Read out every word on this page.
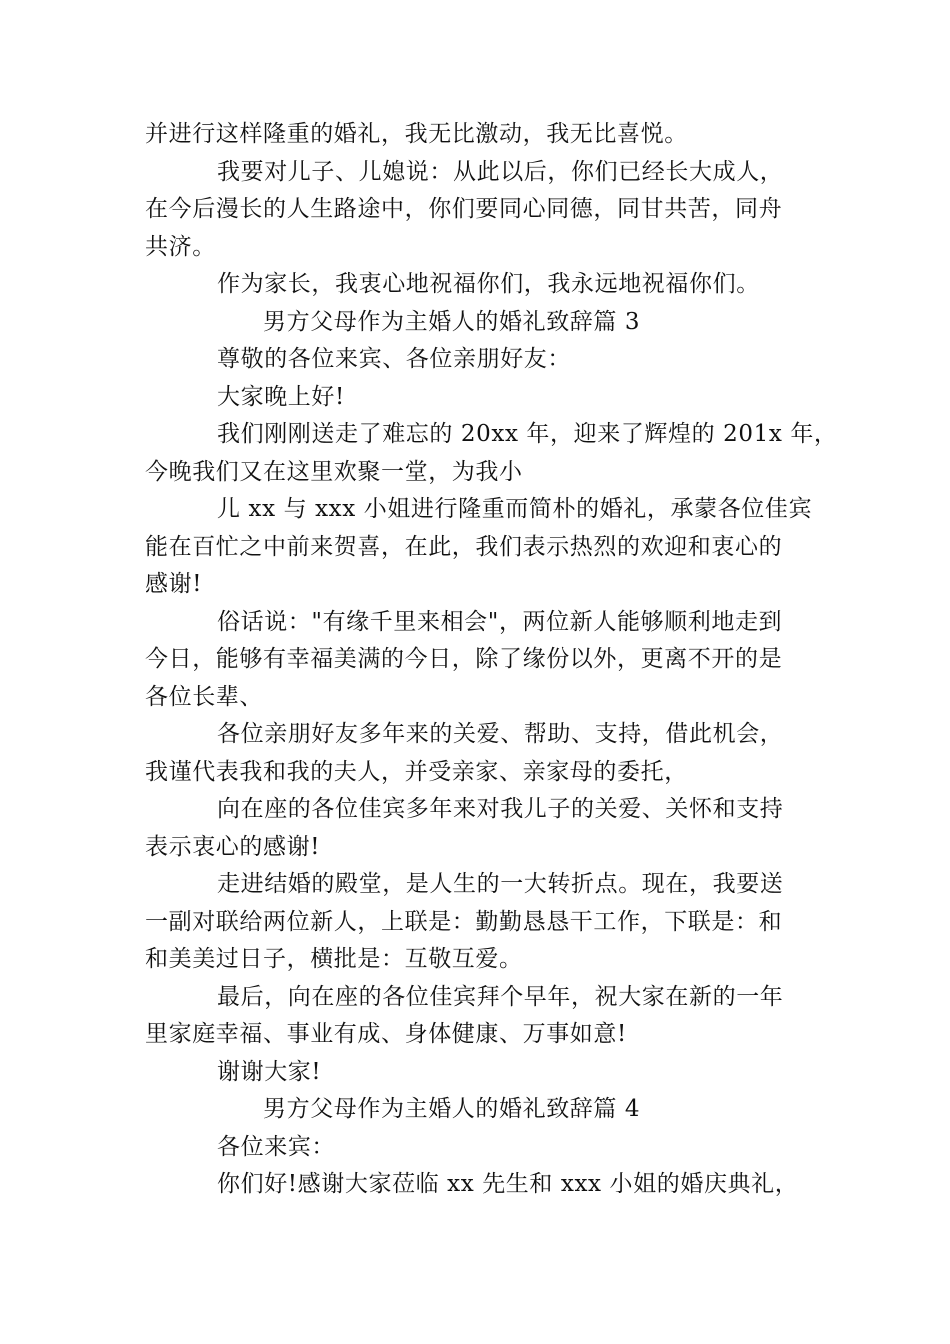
并进行这样隆重的婚礼，我无比激动，我无比喜悦。
我要对儿子、儿媳说：从此以后，你们已经长大成人，
在今后漫长的人生路途中，你们要同心同德，同甘共苦，同舟
共济。
作为家长，我衷心地祝福你们，我永远地祝福你们。
男方父母作为主婚人的婚礼致辞篇 3
尊敬的各位来宾、各位亲朋好友：
大家晚上好!
我们刚刚送走了难忘的 20xx 年，迎来了辉煌的 201x 年，
今晚我们又在这里欢聚一堂，为我小
儿 xx 与 xxx 小姐进行隆重而简朴的婚礼，承蒙各位佳宾
能在百忙之中前来贺喜，在此，我们表示热烈的欢迎和衷心的
感谢!
俗话说："有缘千里来相会"，两位新人能够顺利地走到
今日，能够有幸福美满的今日，除了缘份以外，更离不开的是
各位长辈、
各位亲朋好友多年来的关爱、帮助、支持，借此机会，
我谨代表我和我的夫人，并受亲家、亲家母的委托，
向在座的各位佳宾多年来对我儿子的关爱、关怀和支持
表示衷心的感谢!
走进结婚的殿堂，是人生的一大转折点。现在，我要送
一副对联给两位新人，上联是：勤勤恳恳干工作，下联是：和
和美美过日子，横批是：互敬互爱。
最后，向在座的各位佳宾拜个早年，祝大家在新的一年
里家庭幸福、事业有成、身体健康、万事如意!
谢谢大家!
男方父母作为主婚人的婚礼致辞篇 4
各位来宾：
你们好!感谢大家莅临 xx 先生和 xxx 小姐的婚庆典礼，
